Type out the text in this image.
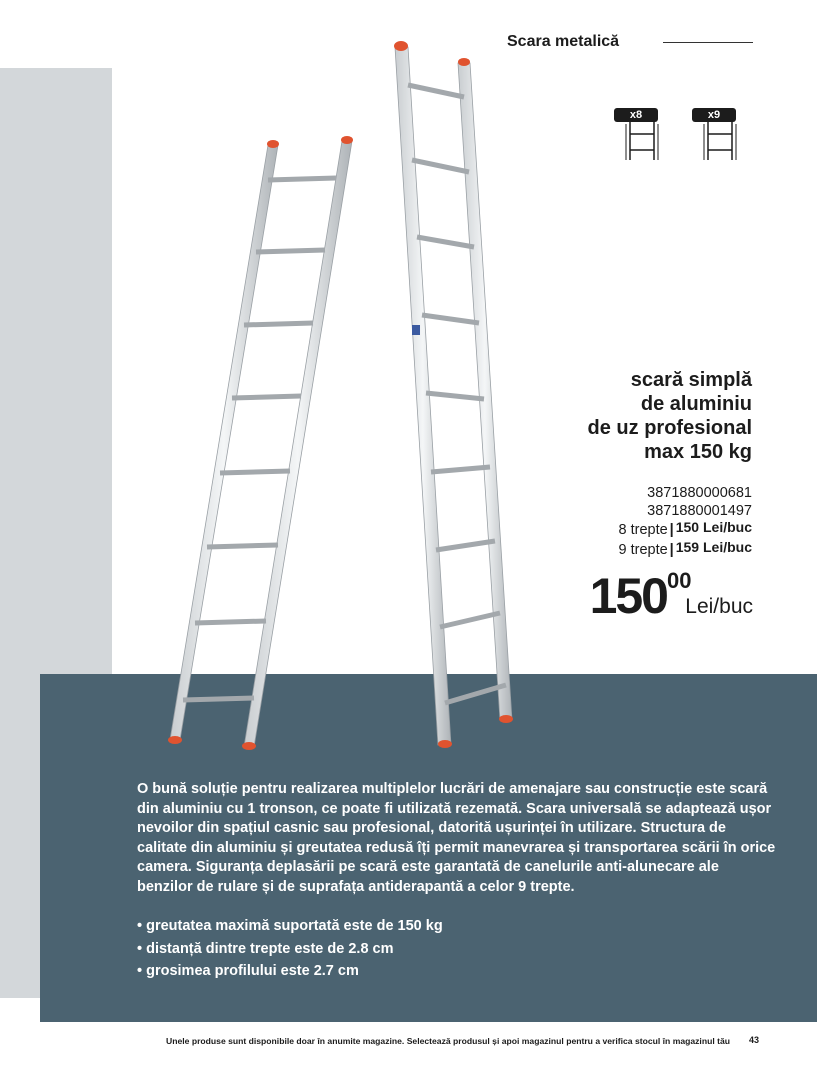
Scara metalică
x8	x9
scară simplă
de aluminiu
de uz profesional
max 150 kg
3871880000681
3871880001497
8 trepte | 150 Lei/buc
9 trepte | 159 Lei/buc
150 00
Lei/buc
O bună soluție pentru realizarea multiplelor lucrări de amenajare sau construcție este scară din aluminiu cu 1 tronson, ce poate fi utilizată rezemată. Scara universală se adaptează ușor nevoilor din spațiul casnic sau profesional, datorită ușurinței în utilizare. Structura de calitate din aluminiu și greutatea redusă îți permit manevrarea și transportarea scării în orice camera. Siguranța deplasării pe scară este garantată de canelurile anti-alunecare ale benzilor de rulare și de suprafața antiderapantă a celor 9 trepte.
• greutatea maximă suportată este de 150 kg
• distanță dintre trepte este de 2.8 cm
• grosimea profilului este 2.7 cm
Unele produse sunt disponibile doar în anumite magazine. Selectează produsul și apoi magazinul pentru a verifica stocul în magazinul tău 43
